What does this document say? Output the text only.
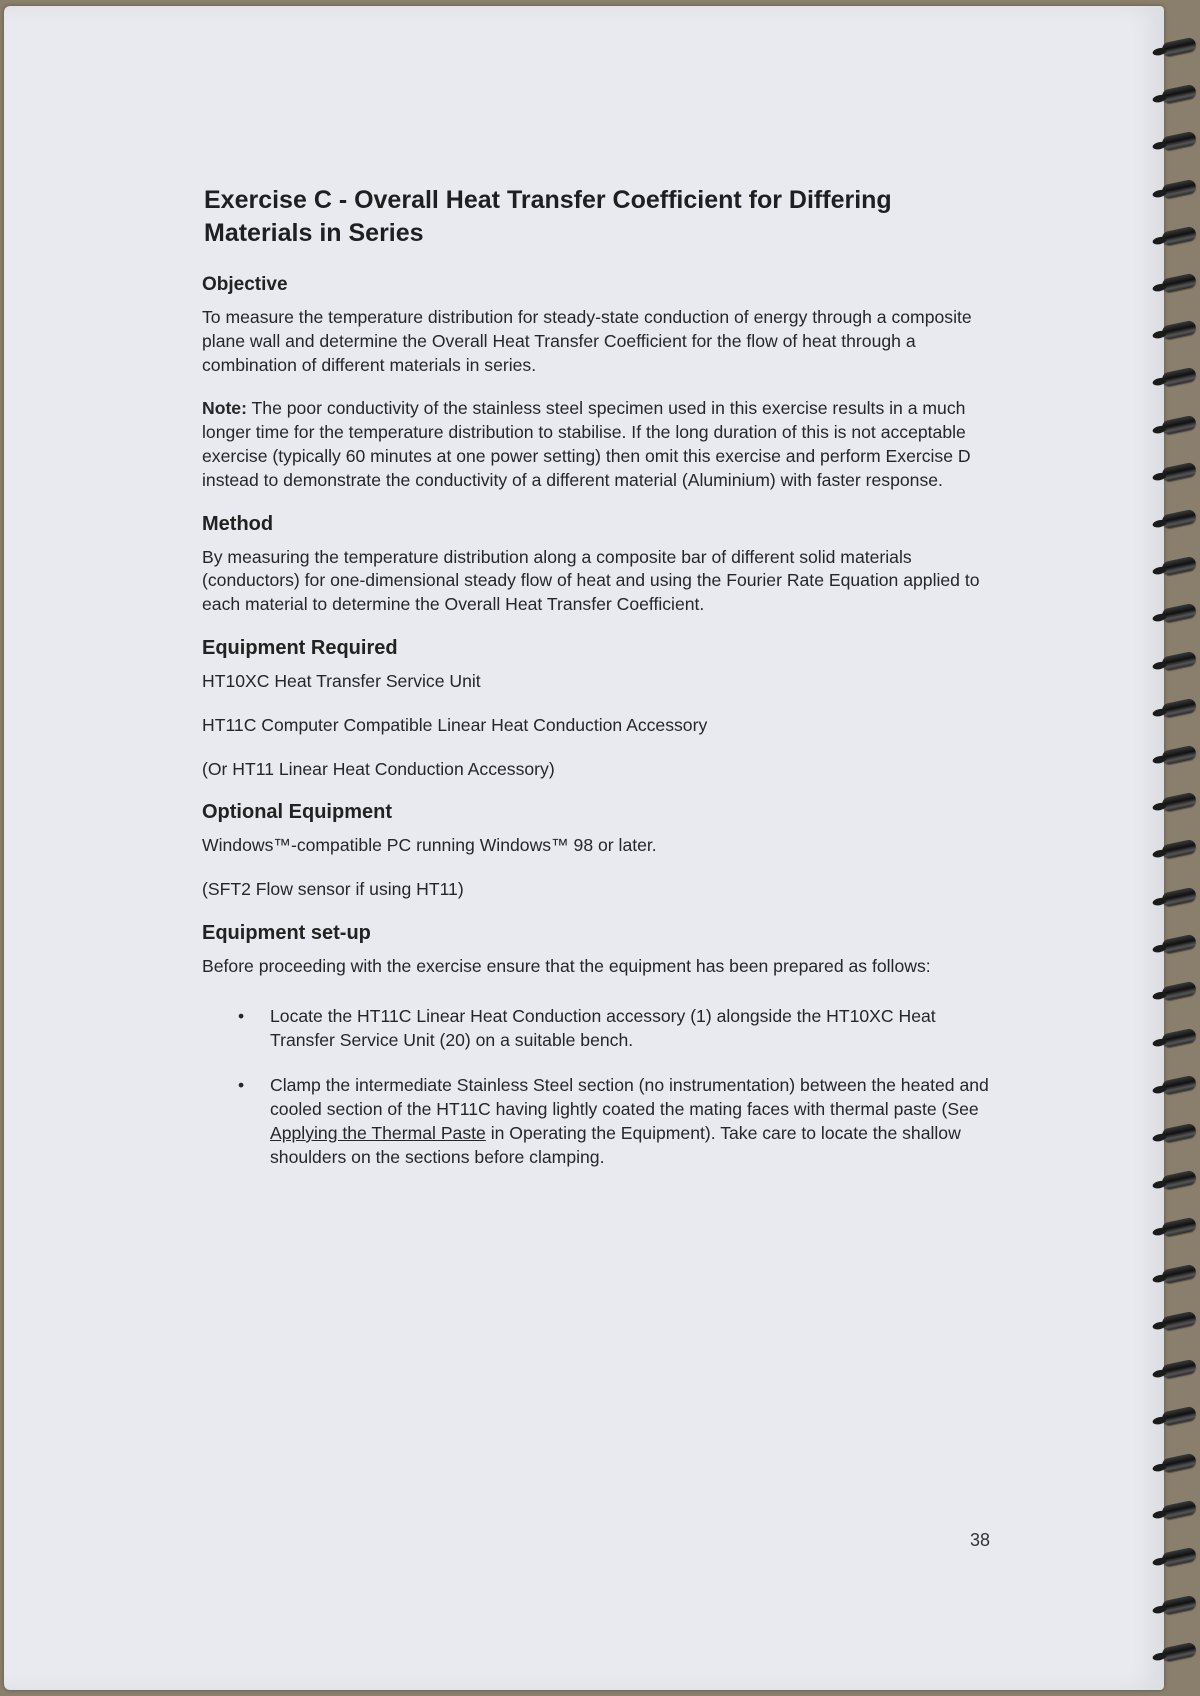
Exercise C - Overall Heat Transfer Coefficient for Differing Materials in Series
Objective

To measure the temperature distribution for steady-state conduction of energy through a composite plane wall and determine the Overall Heat Transfer Coefficient for the flow of heat through a combination of different materials in series.

Note: The poor conductivity of the stainless steel specimen used in this exercise results in a much longer time for the temperature distribution to stabilise. If the long duration of this is not acceptable exercise (typically 60 minutes at one power setting) then omit this exercise and perform Exercise D instead to demonstrate the conductivity of a different material (Aluminium) with faster response.

Method

By measuring the temperature distribution along a composite bar of different solid materials (conductors) for one-dimensional steady flow of heat and using the Fourier Rate Equation applied to each material to determine the Overall Heat Transfer Coefficient.

Equipment Required

HT10XC Heat Transfer Service Unit

HT11C Computer Compatible Linear Heat Conduction Accessory

(Or HT11 Linear Heat Conduction Accessory)

Optional Equipment

Windows™-compatible PC running Windows™ 98 or later.

(SFT2 Flow sensor if using HT11)

Equipment set-up

Before proceeding with the exercise ensure that the equipment has been prepared as follows:

• Locate the HT11C Linear Heat Conduction accessory (1) alongside the HT10XC Heat Transfer Service Unit (20) on a suitable bench.
• Clamp the intermediate Stainless Steel section (no instrumentation) between the heated and cooled section of the HT11C having lightly coated the mating faces with thermal paste (See Applying the Thermal Paste in Operating the Equipment). Take care to locate the shallow shoulders on the sections before clamping.
38
